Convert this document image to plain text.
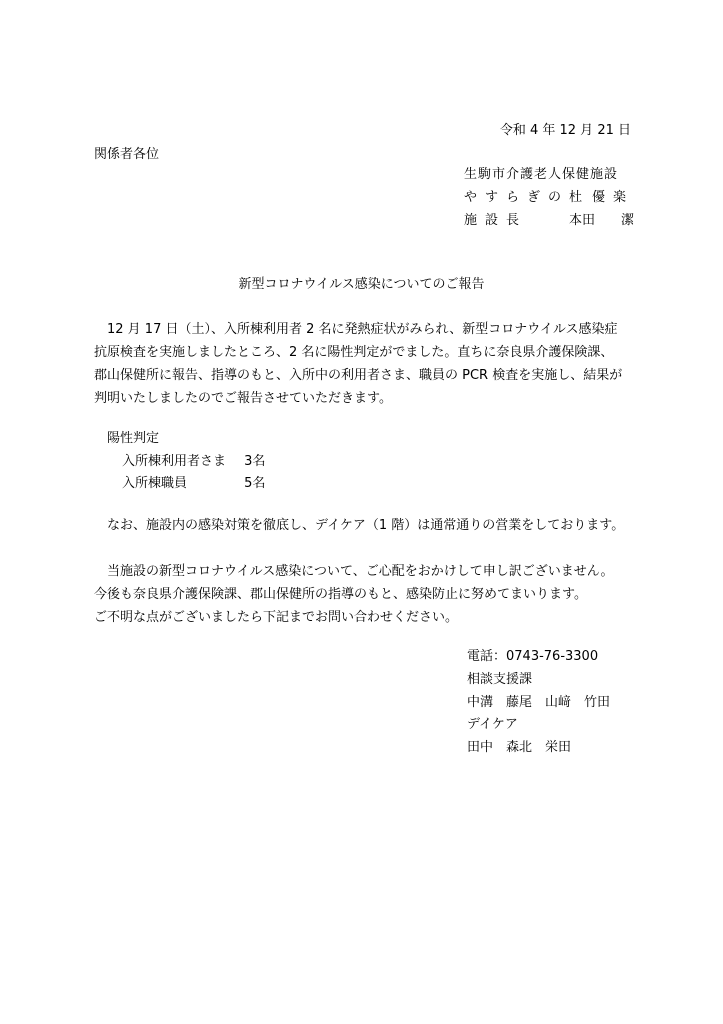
令和 4 年 12 月 21 日
関係者各位
生駒市介護老人保健施設
やすらぎの杜 優楽
施設長	本田　　潔
新型コロナウイルス感染についてのご報告
　12 月 17 日（土）、入所棟利用者 2 名に発熱症状がみられ、新型コロナウイルス感染症
抗原検査を実施しましたところ、2 名に陽性判定がでました。直ちに奈良県介護保険課、
郡山保健所に報告、指導のもと、入所中の利用者さま、職員の PCR 検査を実施し、結果が
判明いたしましたのでご報告させていただきます。
陽性判定
入所棟利用者さま 3名
入所棟職員	5名
　なお、施設内の感染対策を徹底し、デイケア（1 階）は通常通りの営業をしております。
　当施設の新型コロナウイルス感染について、ご心配をおかけして申し訳ございません。
今後も奈良県介護保険課、郡山保健所の指導のもと、感染防止に努めてまいります。
ご不明な点がございましたら下記までお問い合わせください。
電話：0743-76-3300
相談支援課
中溝　藤尾　山﨑　竹田
デイケア
田中　森北　栄田
